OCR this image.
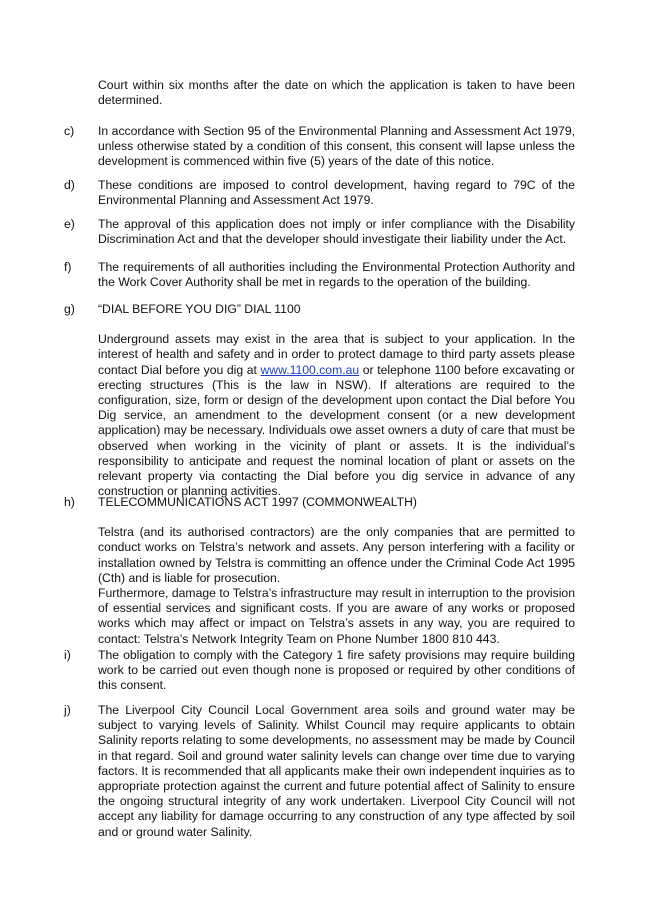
Court within six months after the date on which the application is taken to have been determined.
c)	In accordance with Section 95 of the Environmental Planning and Assessment Act 1979, unless otherwise stated by a condition of this consent, this consent will lapse unless the development is commenced within five (5) years of the date of this notice.

d)	These conditions are imposed to control development, having regard to 79C of the Environmental Planning and Assessment Act 1979.

e)	The approval of this application does not imply or infer compliance with the Disability Discrimination Act and that the developer should investigate their liability under the Act.

f)	The requirements of all authorities including the Environmental Protection Authority and the Work Cover Authority shall be met in regards to the operation of the building.

g)	“DIAL BEFORE YOU DIG” DIAL 1100

Underground assets may exist in the area that is subject to your application. In the interest of health and safety and in order to protect damage to third party assets please contact Dial before you dig at www.1100.com.au or telephone 1100 before excavating or erecting structures (This is the law in NSW). If alterations are required to the configuration, size, form or design of the development upon contact the Dial before You Dig service, an amendment to the development consent (or a new development application) may be necessary. Individuals owe asset owners a duty of care that must be observed when working in the vicinity of plant or assets. It is the individual’s responsibility to anticipate and request the nominal location of plant or assets on the relevant property via contacting the Dial before you dig service in advance of any construction or planning activities.

h)	TELECOMMUNICATIONS ACT 1997 (COMMONWEALTH)

Telstra (and its authorised contractors) are the only companies that are permitted to conduct works on Telstra’s network and assets. Any person interfering with a facility or installation owned by Telstra is committing an offence under the Criminal Code Act 1995 (Cth) and is liable for prosecution.

Furthermore, damage to Telstra’s infrastructure may result in interruption to the provision of essential services and significant costs. If you are aware of any works or proposed works which may affect or impact on Telstra’s assets in any way, you are required to contact: Telstra’s Network Integrity Team on Phone Number 1800 810 443.

i)	The obligation to comply with the Category 1 fire safety provisions may require building work to be carried out even though none is proposed or required by other conditions of this consent.

j)	The Liverpool City Council Local Government area soils and ground water may be subject to varying levels of Salinity. Whilst Council may require applicants to obtain Salinity reports relating to some developments, no assessment may be made by Council in that regard. Soil and ground water salinity levels can change over time due to varying factors. It is recommended that all applicants make their own independent inquiries as to appropriate protection against the current and future potential affect of Salinity to ensure the ongoing structural integrity of any work undertaken. Liverpool City Council will not accept any liability for damage occurring to any construction of any type affected by soil and or ground water Salinity.
